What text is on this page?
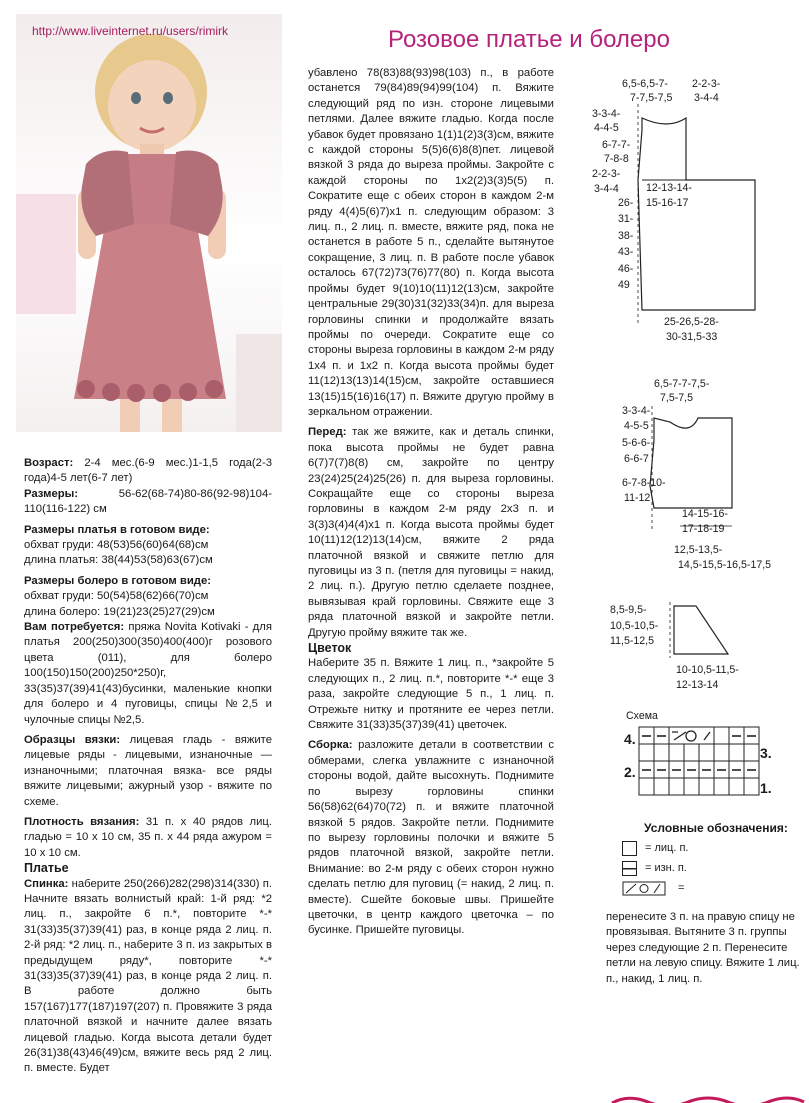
http://www.liveinternet.ru/users/rimirk	Розовое платье и болеро

Возраст: 2-4 мес.(6-9 мес.)1-1,5 года(2-3 года)4-5 лет(6-7 лет)

Размеры:	56-62(68-74)80-86(92-98)104-110(116-122) см

Размеры платья в готовом виде:

обхват груди: 48(53)56(60)64(68)см

длина платья: 38(44)53(58)63(67)см

Размеры болеро в готовом виде:

обхват груди: 50(54)58(62)66(70)см

длина болеро: 19(21)23(25)27(29)см

Вам потребуется: пряжа Novita Kotivaki - для платья 200(250)300(350)400(400)г розового цвета (011), для болеро 100(150)150(200)250*250)г, 33(35)37(39)41(43)бусинки, маленькие кнопки для болеро и 4 пуговицы, спицы №2,5 и чулочные спицы №2,5.

Образцы вязки: лицевая гладь - вяжите лицевые ряды - лицевыми, изнаночные — изнаночными; платочная вязка- все ряды вяжите лицевыми; ажурный узор - вяжите по схеме.

Плотность вязания: 31 п. х 40 рядов лиц. гладью = 10 х 10 см, 35 п. х 44 ряда ажуром = 10 х 10 см.

Платье

Спинка: наберите 250(266)282(298)314(330) п. Начните вязать волнистый край: 1-й ряд: *2 лиц. п., закройте 6 п.*, повторите *-* 31(33)35(37)39(41) раз, в конце ряда 2 лиц. п. 2-й ряд: *2 лиц. п., наберите 3 п. из закрытых в предыдущем ряду*, повторите *-* 31(33)35(37)39(41) раз, в конце ряда 2 лиц. п. В работе должно быть 157(167)177(187)197(207) п. Провяжите 3 ряда платочной вязкой и начните далее вязать лицевой гладью. Когда высота детали будет 26(31)38(43)46(49)см, вяжите весь ряд 2 лиц. п. вместе. Будет

убавлено 78(83)88(93)98(103) п., в работе останется 79(84)89(94)99(104) п. Вяжите следующий ряд по изн. стороне лицевыми петлями. Далее вяжите гладью. Когда после убавок будет провязано 1(1)1(2)3(3)см, вяжите с каждой стороны 5(5)6(6)8(8)пет. лицевой вязкой 3 ряда до выреза проймы. Закройте с каждой стороны по 1х2(2)3(3)5(5) п. Сократите еще с обеих сторон в каждом 2-м ряду 4(4)5(6)7)х1 п. следующим образом: 3 лиц. п., 2 лиц. п. вместе, вяжите ряд, пока не останется в работе 5 п., сделайте вытянутое сокращение, 3 лиц. п. В работе после убавок осталось 67(72)73(76)77(80) п. Когда высота проймы будет 9(10)10(11)12(13)см, закройте центральные 29(30)31(32)33(34)п. для выреза горловины спинки и продолжайте вязать проймы по очереди. Сократите еще со стороны выреза горловины в каждом 2-м ряду 1х4 п. и 1х2 п. Когда высота проймы будет 11(12)13(13)14(15)см, закройте оставшиеся 13(15)15(16)16(17) п. Вяжите другую пройму в зеркальном отражении.

Перед: так же вяжите, как и деталь спинки, пока высота проймы не будет равна 6(7)7(7)8(8) см, закройте по центру 23(24)25(24)25(26) п. для выреза горловины. Сокращайте еще со стороны выреза горловины в каждом 2-м ряду 2х3 п. и 3(3)3(4)4(4)х1 п. Когда высота проймы будет 10(11)12(12)13(14)см, вяжите 2 ряда платочной вязкой и свяжите петлю для пуговицы из 3 п. (петля для пуговицы = накид, 2 лиц. п.). Другую петлю сделаете позднее, вывязывая край горловины. Свяжите еще 3 ряда платочной вязкой и закройте петли. Другую пройму вяжите так же.

Цветок

Наберите 35 п. Вяжите 1 лиц. п., *закройте 5 следующих п., 2 лиц. п.*, повторите *-* еще 3 раза, закройте следующие 5 п., 1 лиц. п. Отрежьте нитку и протяните ее через петли. Свяжите 31(33)35(37)39(41) цветочек.

Сборка: разложите детали в соответствии с обмерами, слегка увлажните с изнаночной стороны водой, дайте высохнуть. Поднимите по вырезу горловины спинки 56(58)62(64)70(72) п. и вяжите платочной вязкой 5 рядов. Закройте петли. Поднимите по вырезу горловины полочки и вяжите 5 рядов платочной вязкой, закройте петли. Внимание: во 2-м ряду с обеих сторон нужно сделать петлю для пуговиц (= накид, 2 лиц. п. вместе). Сшейте боковые швы. Пришейте цветочки, в центр каждого цветочка – по бусинке. Пришейте пуговицы.

6,5-6,5-7-
7-7,5-7,5
2-2-3-
3-4-4
3-3-4-
4-4-5
6-7-7-
7-8-8
2-2-3-
3-4-4	12-13-14-
15-16-17
26-
31-
38-
43-
46-
49
25-26,5-28-
30-31,5-33
6,5-7-7-7,5-
7,5-7,5
3-3-4-
4-5-5
5-6-6-
6-6-7
6-7-8-10-
11-12
14-15-16-
17-18-19
12,5-13,5-
14,5-15,5-16,5-17,5
8,5-9,5-
10,5-10,5-
11,5-12,5
10-10,5-11,5-
12-13-14
Схема
4.
3.
2.
1.
Условные обозначения:
= лиц. п.
= изн. п.
=
перенесите 3 п. на правую спицу не провязывая. Вытяните 3 п. группы через следующие 2 п. Перенесите петли на левую спицу. Вяжите 1 лиц. п., накид, 1 лиц. п.
